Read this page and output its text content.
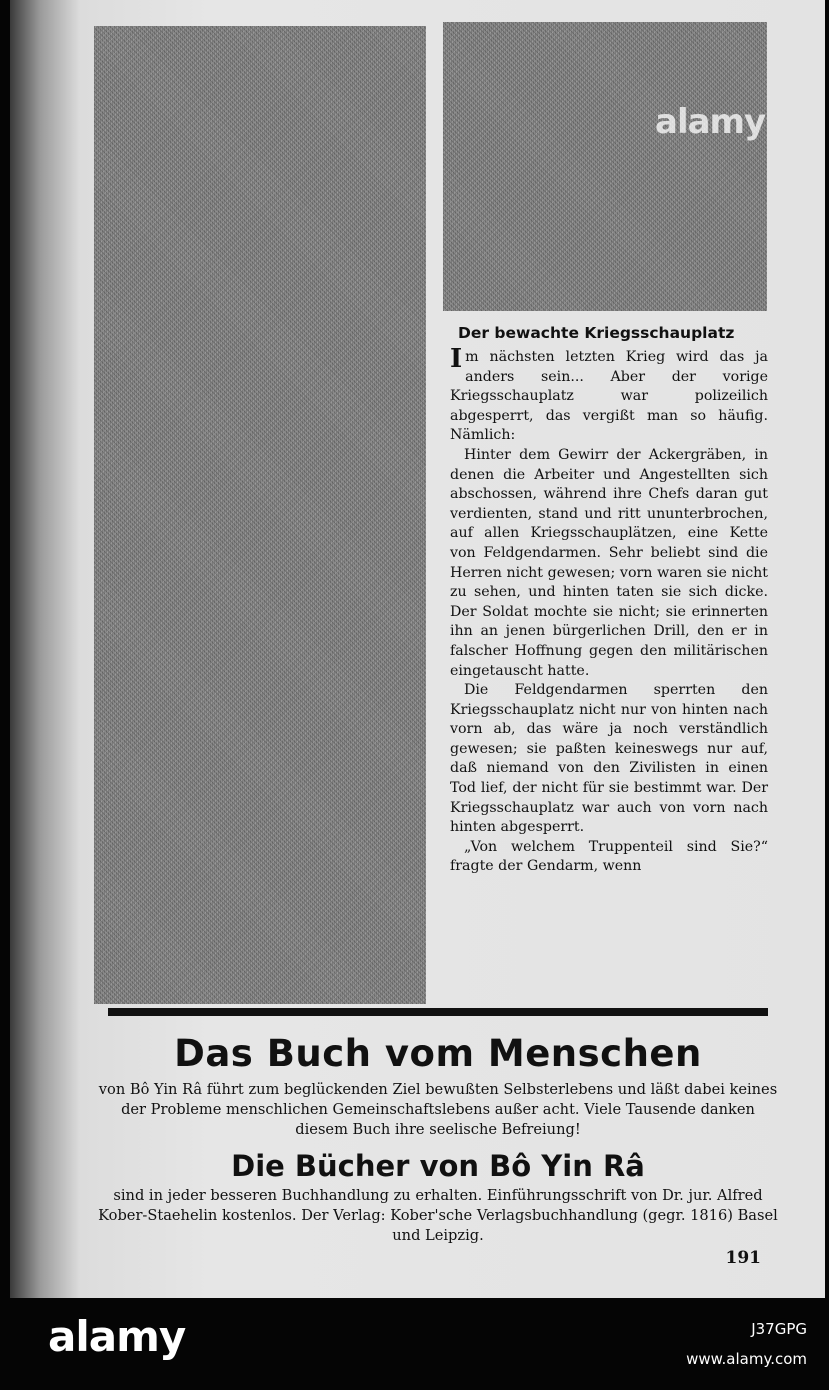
alamy
Der bewachte Kriegsschauplatz

Im nächsten letzten Krieg wird das ja anders sein... Aber der vorige Kriegsschauplatz war polizeilich abgesperrt, das vergißt man so häufig. Nämlich:

Hinter dem Gewirr der Ackergräben, in denen die Arbeiter und Angestellten sich abschossen, während ihre Chefs daran gut verdienten, stand und ritt ununterbrochen, auf allen Kriegsschauplätzen, eine Kette von Feldgendarmen. Sehr beliebt sind die Herren nicht gewesen; vorn waren sie nicht zu sehen, und hinten taten sie sich dicke. Der Soldat mochte sie nicht; sie erinnerten ihn an jenen bürgerlichen Drill, den er in falscher Hoffnung gegen den militärischen eingetauscht hatte.

Die Feldgendarmen sperrten den Kriegsschauplatz nicht nur von hinten nach vorn ab, das wäre ja noch verständlich gewesen; sie paßten keineswegs nur auf, daß niemand von den Zivilisten in einen Tod lief, der nicht für sie bestimmt war. Der Kriegsschauplatz war auch von vorn nach hinten abgesperrt.

„Von welchem Truppenteil sind Sie?“ fragte der Gendarm, wenn

Das Buch vom Menschen

von Bô Yin Râ führt zum beglückenden Ziel bewußten Selbsterlebens und läßt dabei keines der Probleme menschlichen Gemeinschaftslebens außer acht. Viele Tausende danken diesem Buch ihre seelische Befreiung!

Die Bücher von Bô Yin Râ

sind in jeder besseren Buchhandlung zu erhalten. Einführungsschrift von Dr. jur. Alfred Kober-Staehelin kostenlos. Der Verlag: Kober'sche Verlagsbuchhandlung (gegr. 1816) Basel und Leipzig.

191
alamy	J37GPG
www.alamy.com
